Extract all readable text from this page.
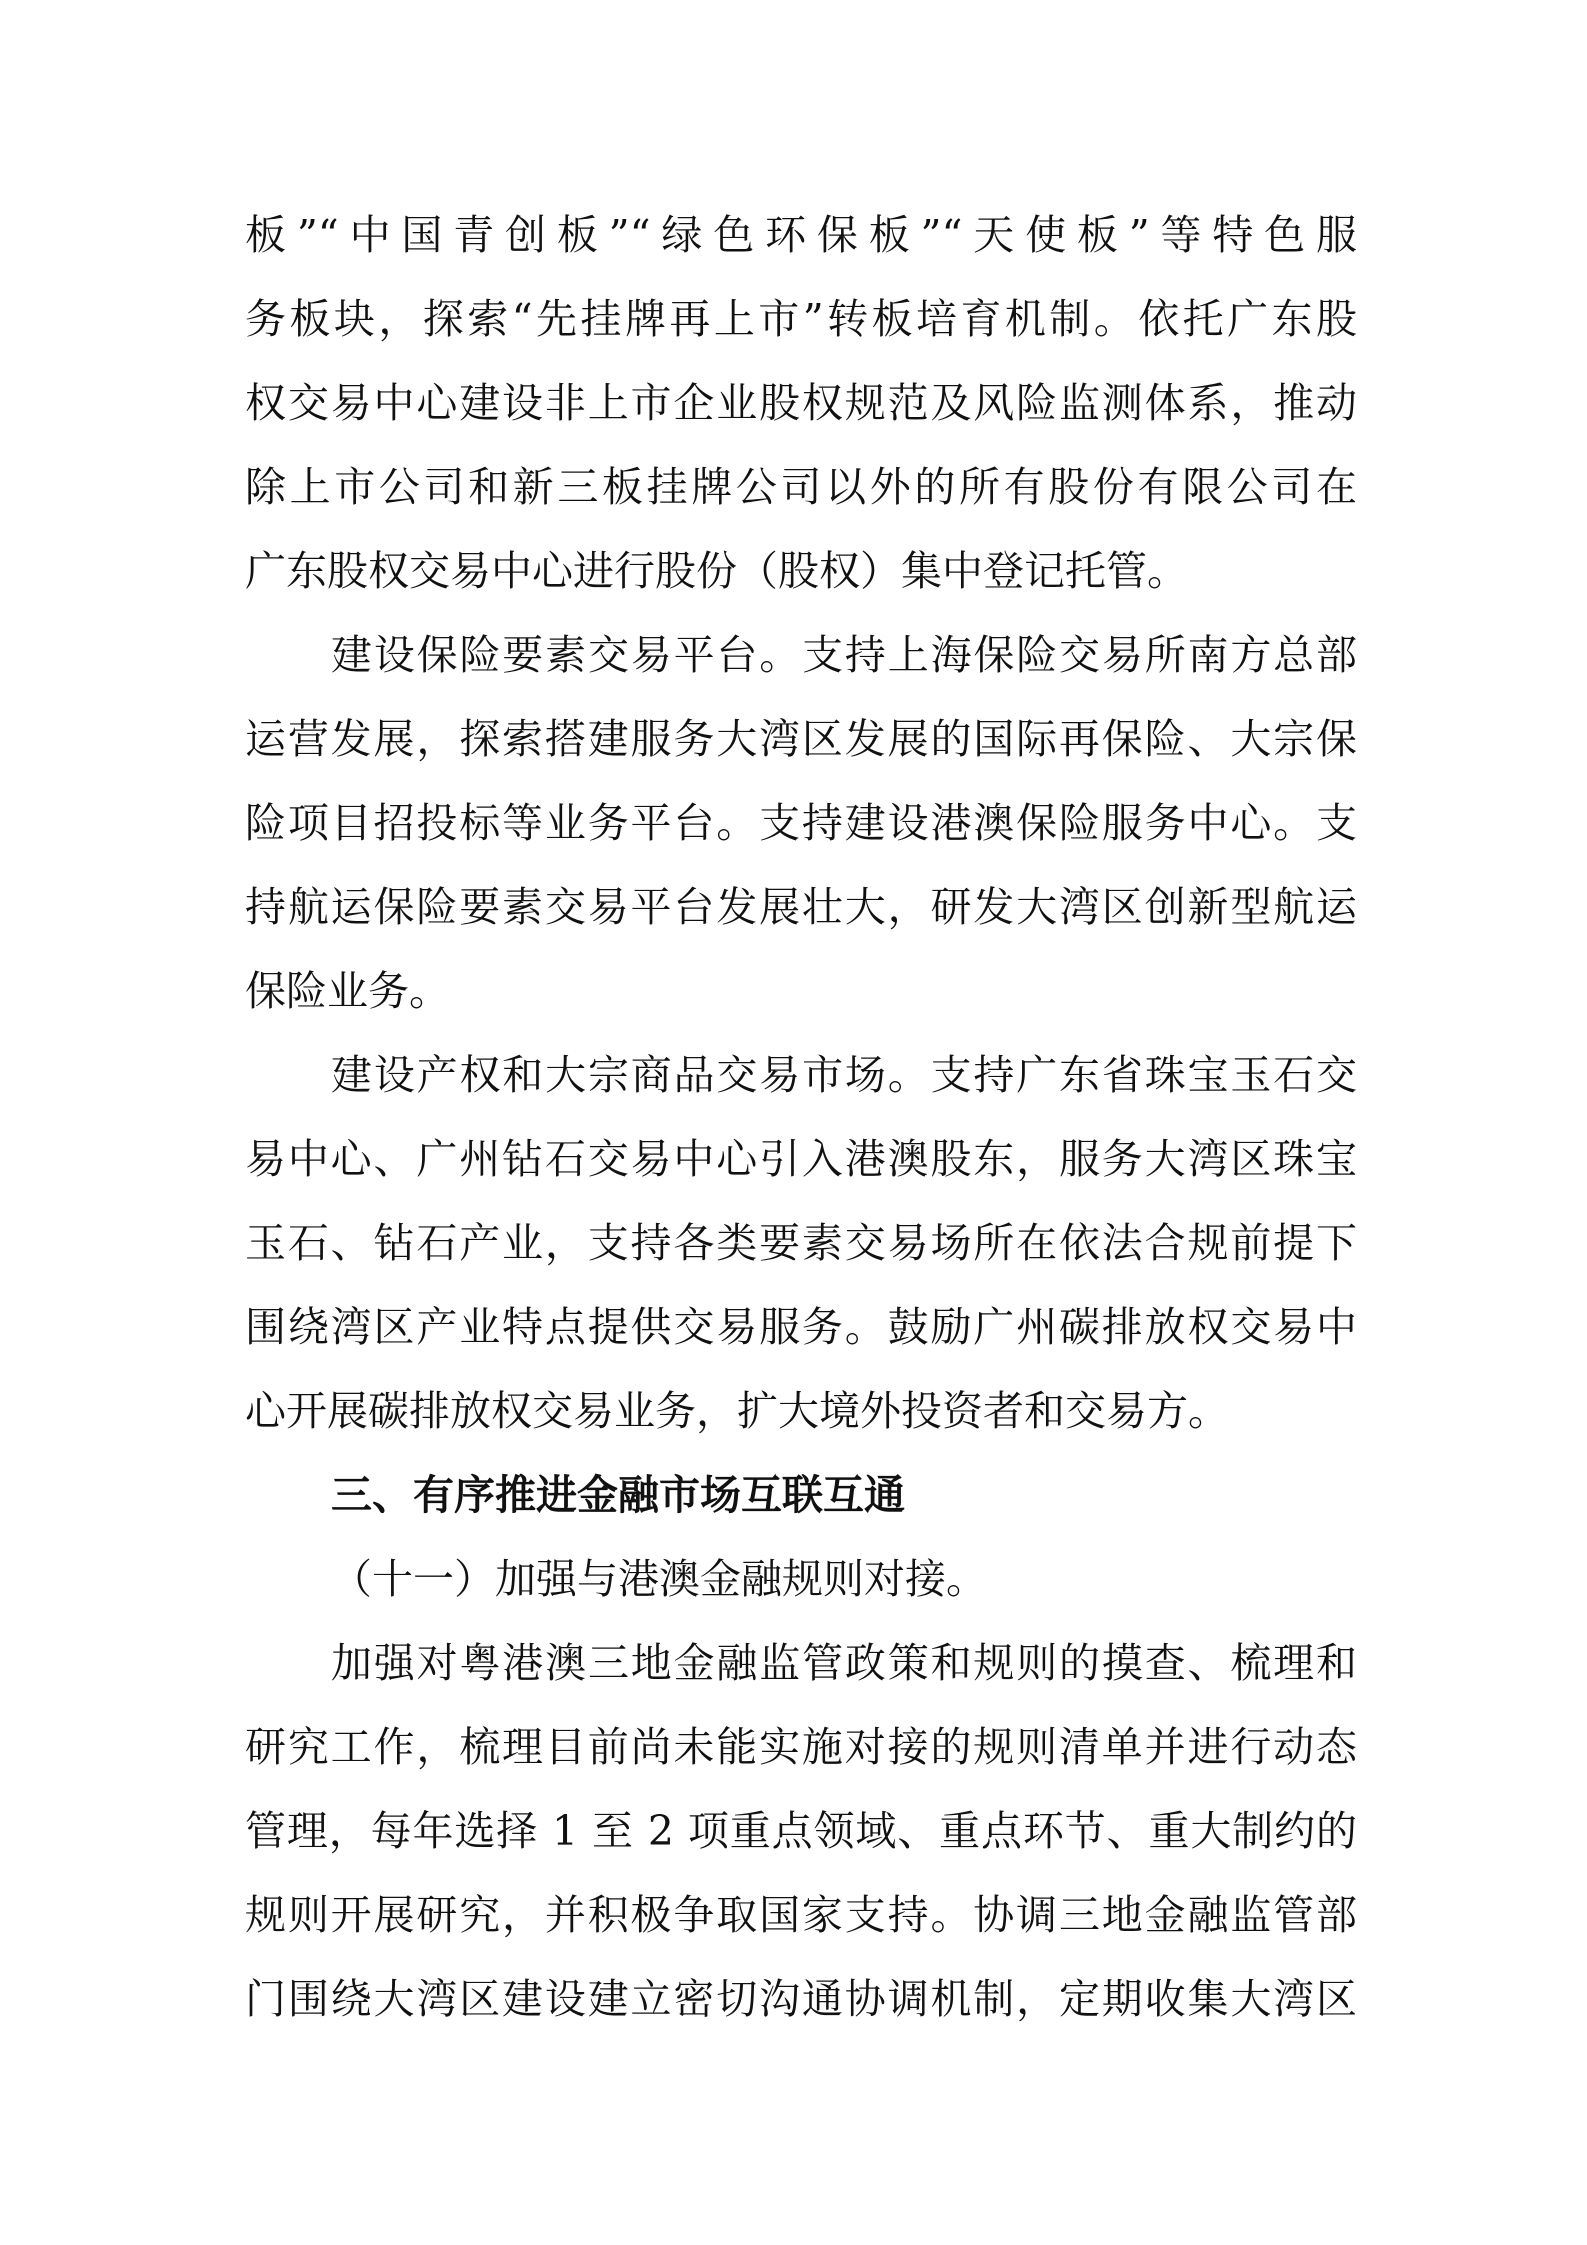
板”“中国青创板”“绿色环保板”“天使板”等特色服
务板块，探索“先挂牌再上市”转板培育机制。依托广东股
权交易中心建设非上市企业股权规范及风险监测体系，推动
除上市公司和新三板挂牌公司以外的所有股份有限公司在
广东股权交易中心进行股份（股权）集中登记托管。
建设保险要素交易平台。支持上海保险交易所南方总部
运营发展，探索搭建服务大湾区发展的国际再保险、大宗保
险项目招投标等业务平台。支持建设港澳保险服务中心。支
持航运保险要素交易平台发展壮大，研发大湾区创新型航运
保险业务。
建设产权和大宗商品交易市场。支持广东省珠宝玉石交
易中心、广州钻石交易中心引入港澳股东，服务大湾区珠宝
玉石、钻石产业，支持各类要素交易场所在依法合规前提下
围绕湾区产业特点提供交易服务。鼓励广州碳排放权交易中
心开展碳排放权交易业务，扩大境外投资者和交易方。
三、有序推进金融市场互联互通
（十一）加强与港澳金融规则对接。
加强对粤港澳三地金融监管政策和规则的摸查、梳理和
研究工作，梳理目前尚未能实施对接的规则清单并进行动态
管理，每年选择 1 至 2 项重点领域、重点环节、重大制约的
规则开展研究，并积极争取国家支持。协调三地金融监管部
门围绕大湾区建设建立密切沟通协调机制，定期收集大湾区
